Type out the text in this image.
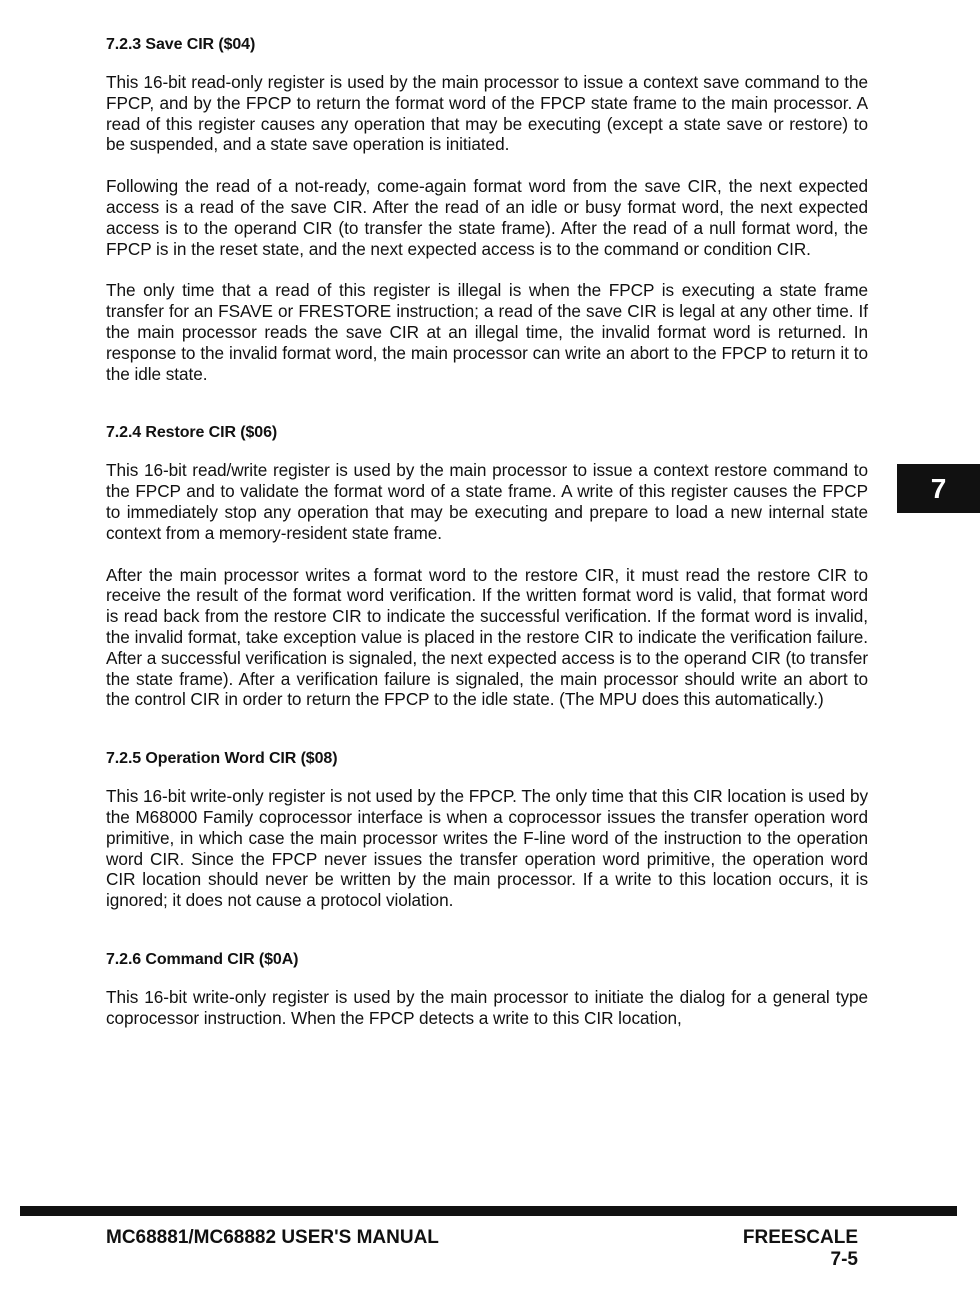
7.2.3 Save CIR ($04)

This 16-bit read-only register is used by the main processor to issue a context save command to the FPCP, and by the FPCP to return the format word of the FPCP state frame to the main processor. A read of this register causes any operation that may be executing (except a state save or restore) to be suspended, and a state save operation is initiated.

Following the read of a not-ready, come-again format word from the save CIR, the next expected access is a read of the save CIR. After the read of an idle or busy format word, the next expected access is to the operand CIR (to transfer the state frame). After the read of a null format word, the FPCP is in the reset state, and the next expected access is to the command or condition CIR.

The only time that a read of this register is illegal is when the FPCP is executing a state frame transfer for an FSAVE or FRESTORE instruction; a read of the save CIR is legal at any other time. If the main processor reads the save CIR at an illegal time, the invalid format word is returned. In response to the invalid format word, the main processor can write an abort to the FPCP to return it to the idle state.

7.2.4 Restore CIR ($06)

This 16-bit read/write register is used by the main processor to issue a context restore command to the FPCP and to validate the format word of a state frame. A write of this register causes the FPCP to immediately stop any operation that may be executing and prepare to load a new internal state context from a memory-resident state frame.

After the main processor writes a format word to the restore CIR, it must read the restore CIR to receive the result of the format word verification. If the written format word is valid, that format word is read back from the restore CIR to indicate the successful verification. If the format word is invalid, the invalid format, take exception value is placed in the restore CIR to indicate the verification failure. After a successful verification is signaled, the next expected access is to the operand CIR (to transfer the state frame). After a verification failure is signaled, the main processor should write an abort to the control CIR in order to return the FPCP to the idle state. (The MPU does this automatically.)

7.2.5 Operation Word CIR ($08)

This 16-bit write-only register is not used by the FPCP. The only time that this CIR location is used by the M68000 Family coprocessor interface is when a coprocessor issues the transfer operation word primitive, in which case the main processor writes the F-line word of the instruction to the operation word CIR. Since the FPCP never issues the transfer operation word primitive, the operation word CIR location should never be written by the main processor. If a write to this location occurs, it is ignored; it does not cause a protocol violation.

7.2.6 Command CIR ($0A)

This 16-bit write-only register is used by the main processor to initiate the dialog for a general type coprocessor instruction. When the FPCP detects a write to this CIR location,

7
MC68881/MC68882 USER'S MANUAL	FREESCALE
7-5
